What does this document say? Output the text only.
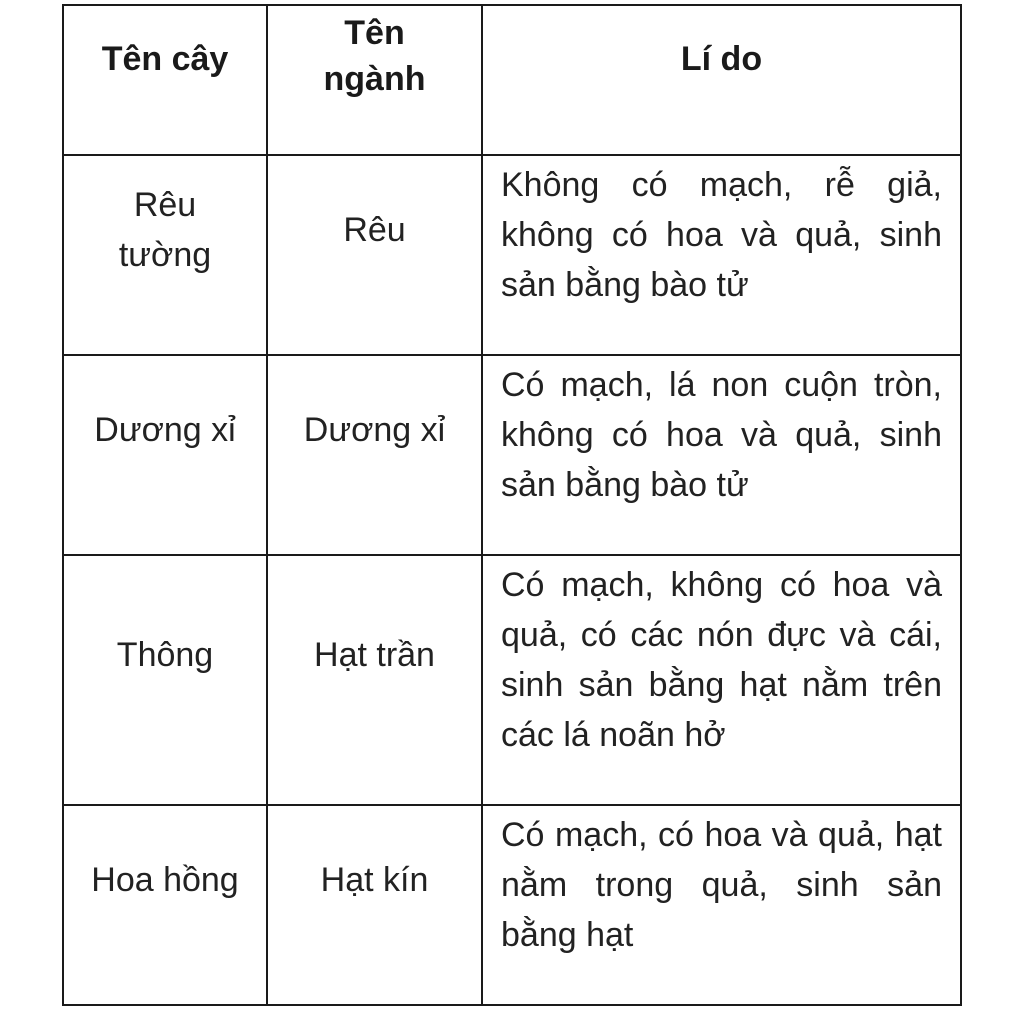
Tên cây	Tên ngành	Lí do

Rêu tường	Rêu	Không có mạch, rễ giả, không có hoa và quả, sinh sản bằng bào tử

Dương xỉ	Dương xỉ	Có mạch, lá non cuộn tròn, không có hoa và quả, sinh sản bằng bào tử

Thông	Hạt trần	Có mạch, không có hoa và quả, có các nón đực và cái, sinh sản bằng hạt nằm trên các lá noãn hở

Hoa hồng	Hạt kín	Có mạch, có hoa và quả, hạt nằm trong quả, sinh sản bằng hạt
